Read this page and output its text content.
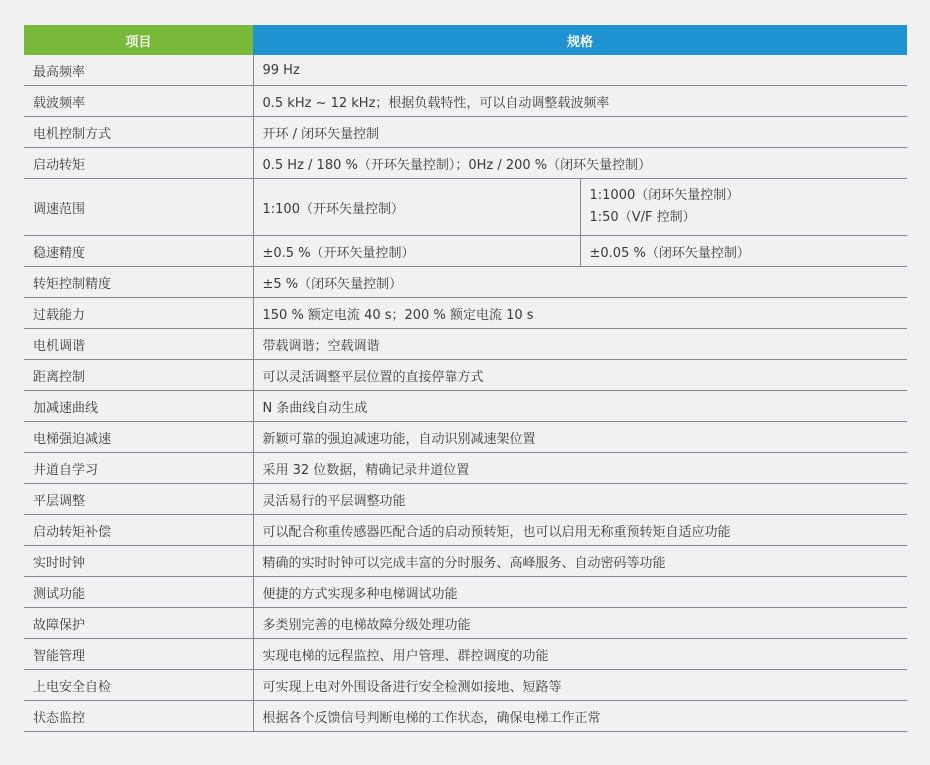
项目	规格	
最高频率	99 Hz	
载波频率	0.5 kHz ~ 12 kHz；根据负载特性，可以自动调整载波频率	
电机控制方式	开环 / 闭环矢量控制	
启动转矩	0.5 Hz / 180 %（开环矢量控制）；0Hz / 200 %（闭环矢量控制）	
调速范围	1:100（开环矢量控制）	1:1000（闭环矢量控制）
1:50（V/F 控制）

稳速精度	±0.5 %（开环矢量控制）	±0.05 %（闭环矢量控制）
转矩控制精度	±5 %（闭环矢量控制）	
过载能力	150 % 额定电流 40 s；200 % 额定电流 10 s	
电机调谐	带载调谐；空载调谐	
距离控制	可以灵活调整平层位置的直接停靠方式	
加减速曲线	N 条曲线自动生成	
电梯强迫减速	新颖可靠的强迫减速功能，自动识别减速架位置	
井道自学习	采用 32 位数据，精确记录井道位置	
平层调整	灵活易行的平层调整功能	
启动转矩补偿	可以配合称重传感器匹配合适的启动预转矩，也可以启用无称重预转矩自适应功能	
实时时钟	精确的实时时钟可以完成丰富的分时服务、高峰服务、自动密码等功能	
测试功能	便捷的方式实现多种电梯调试功能	
故障保护	多类别完善的电梯故障分级处理功能	
智能管理	实现电梯的远程监控、用户管理、群控调度的功能	
上电安全自检	可实现上电对外围设备进行安全检测如接地、短路等	
状态监控	根据各个反馈信号判断电梯的工作状态，确保电梯工作正常	
